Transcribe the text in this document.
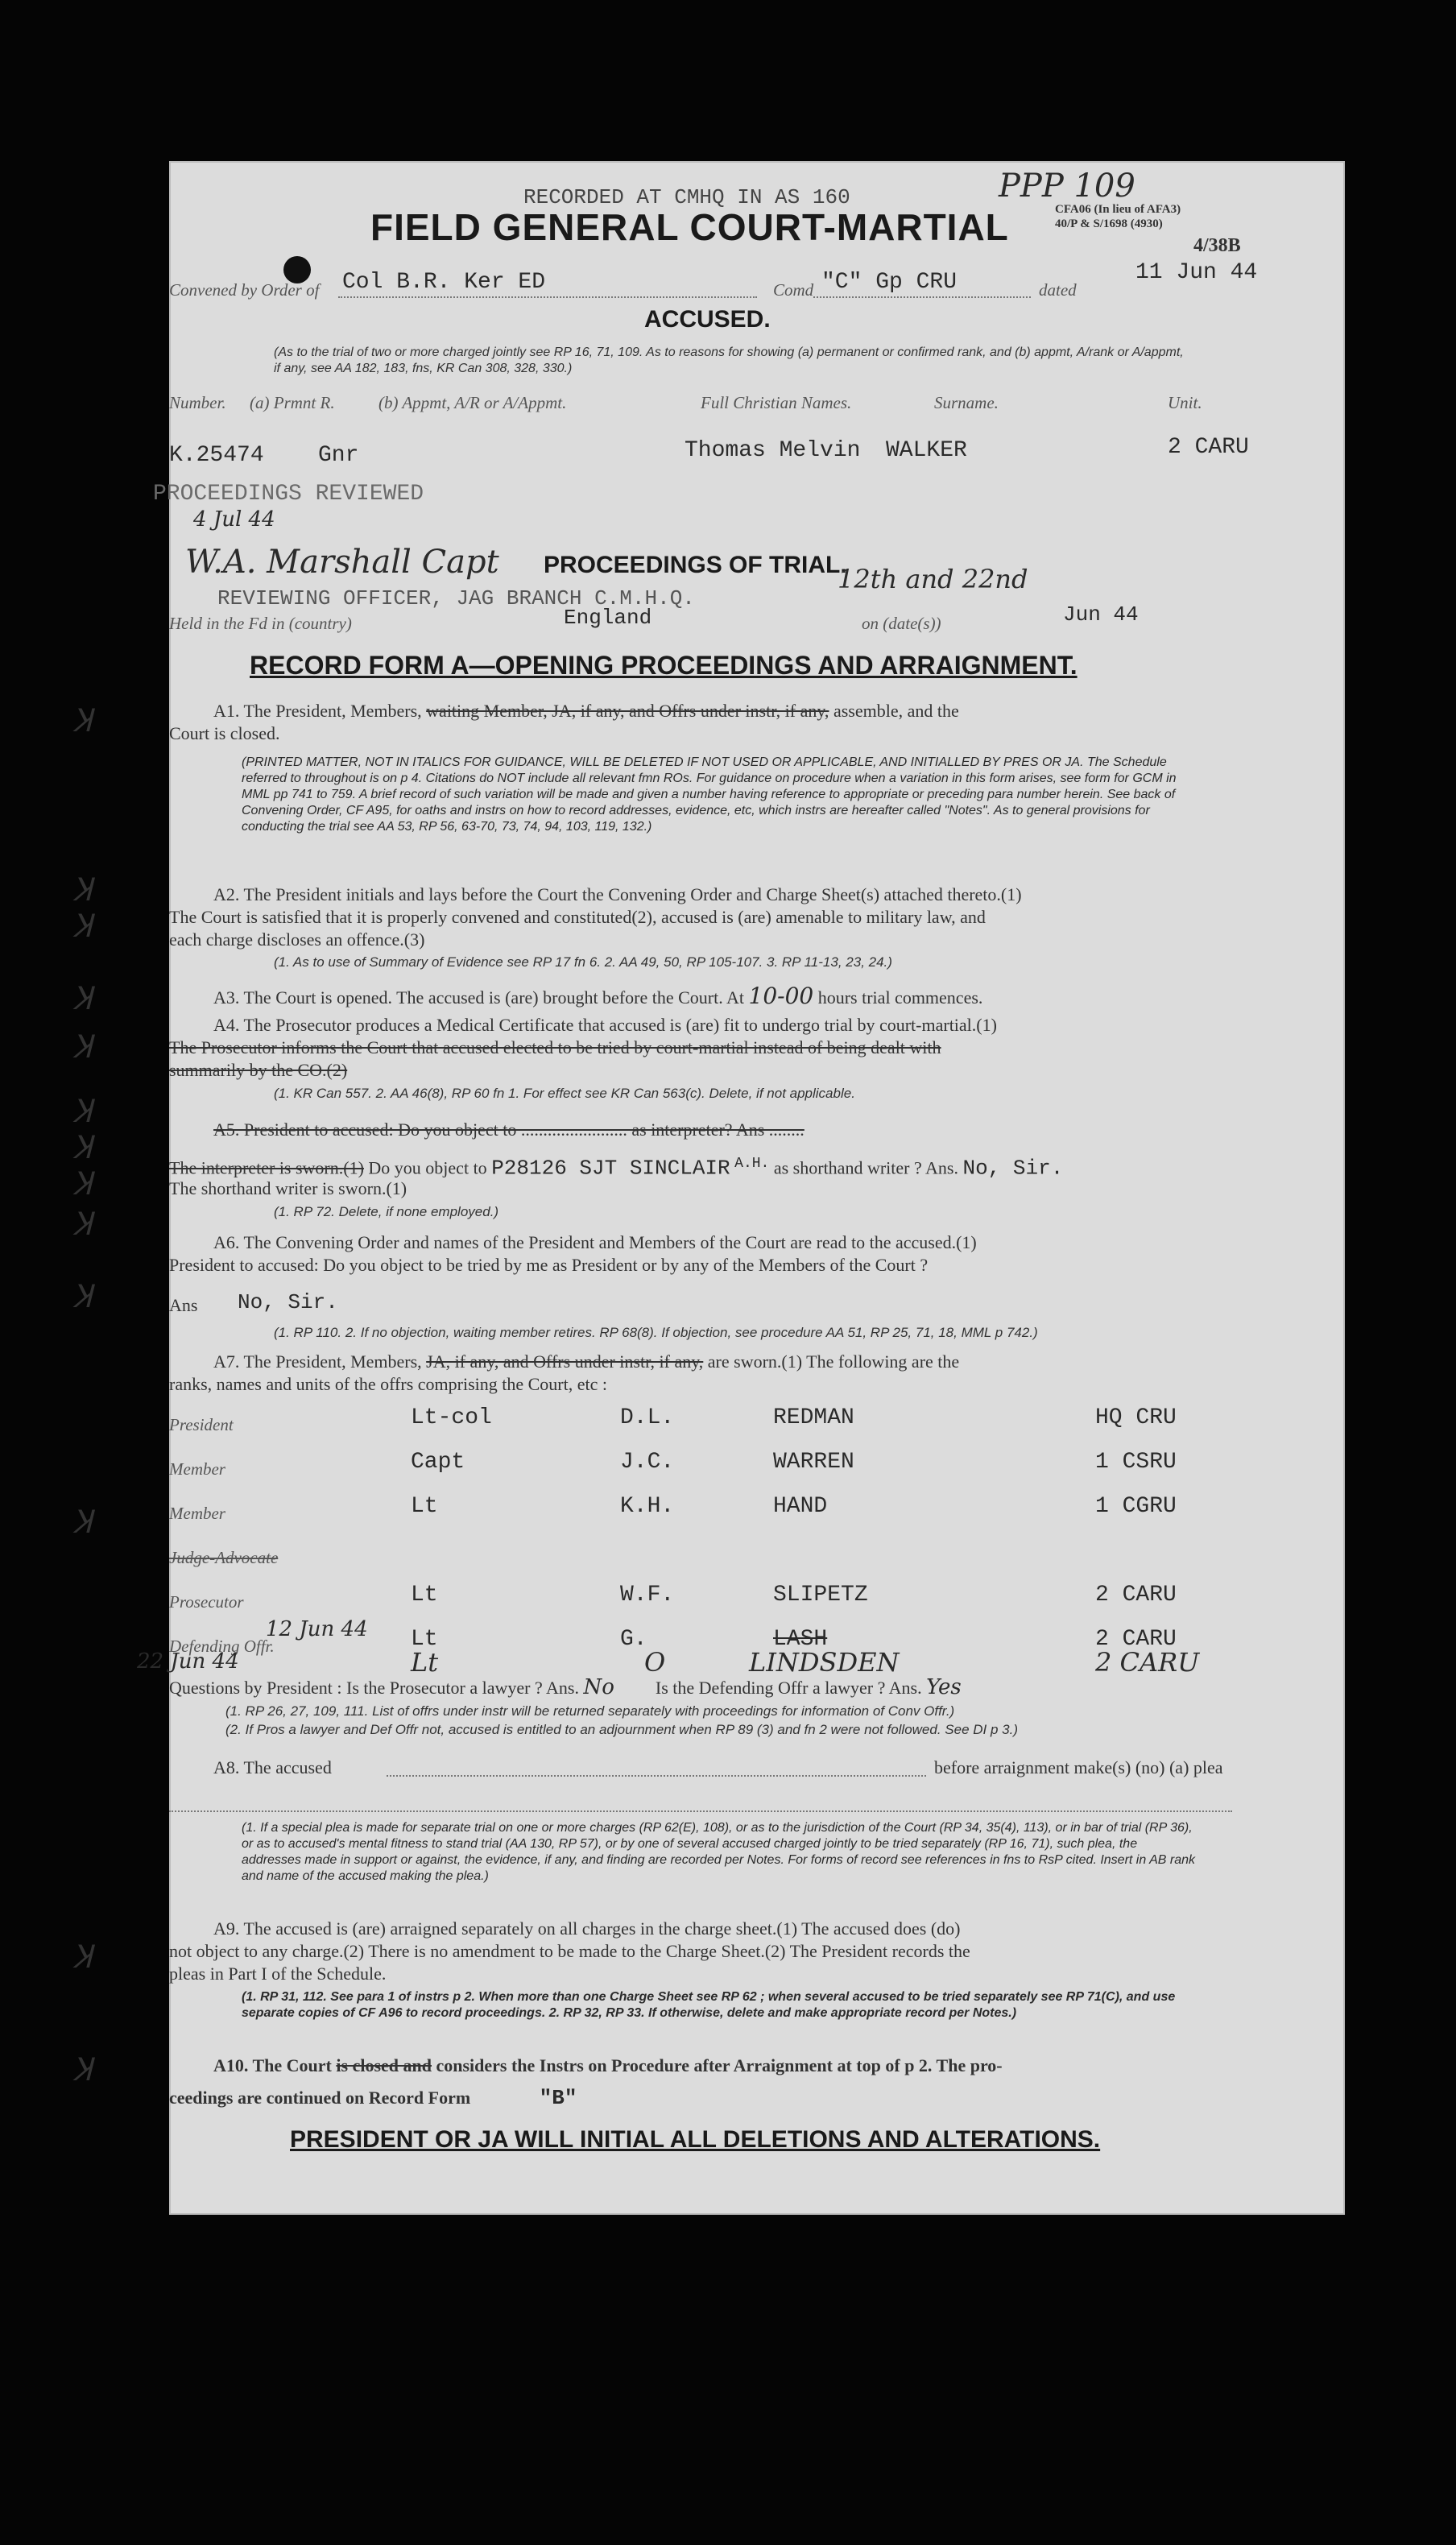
RECORDED AT CMHQ IN AS 160	PPP 109
FIELD GENERAL COURT-MARTIAL	CFA06 (In lieu of AFA3)
40/P & S/1698 (4930)
4/38B
Convened by Order of Col B.R. Ker ED	Comd "C" Gp CRU	dated
11 Jun 44
ACCUSED.
(As to the trial of two or more charged jointly see RP 16, 71, 109. As to reasons for showing (a) permanent or confirmed rank, and (b) appmt, A/rank or A/appmt, if any, see AA 182, 183, fns, KR Can 308, 328, 330.)
Number. (a) Prmnt R.	(b) Appmt, A/R or A/Appmt.	Full Christian Names.	Surname.	Unit.
K.25474 Gnr	Thomas Melvin WALKER	2 CARU
PROCEEDINGS REVIEWED
4 Jul 44
W.A. Marshall Capt
REVIEWING OFFICER, JAG BRANCH C.M.H.Q.
PROCEEDINGS OF TRIAL.
Held in the Fd in (country)	England	on (date(s))
12th and 22nd
Jun 44
RECORD FORM A—OPENING PROCEEDINGS AND ARRAIGNMENT.
Ʞ
Ʞ
Ʞ
Ʞ
Ʞ
Ʞ
Ʞ
Ʞ
Ʞ
Ʞ
Ʞ
Ʞ
Ʞ
A1. The President, Members, waiting Member, JA, if any, and Offrs under instr, if any, assemble, and the
Court is closed.
(PRINTED MATTER, NOT IN ITALICS FOR GUIDANCE, WILL BE DELETED IF NOT USED OR APPLICABLE, AND INITIALLED BY PRES OR JA. The Schedule referred to throughout is on p 4. Citations do NOT include all relevant fmn ROs. For guidance on procedure when a variation in this form arises, see form for GCM in MML pp 741 to 759. A brief record of such variation will be made and given a number having reference to appropriate or preceding para number herein. See back of Convening Order, CF A95, for oaths and instrs on how to record addresses, evidence, etc, which instrs are hereafter called "Notes". As to general provisions for conducting the trial see AA 53, RP 56, 63-70, 73, 74, 94, 103, 119, 132.)
A2. The President initials and lays before the Court the Convening Order and Charge Sheet(s) attached thereto.(1)
The Court is satisfied that it is properly convened and constituted(2), accused is (are) amenable to military law, and
each charge discloses an offence.(3)
(1. As to use of Summary of Evidence see RP 17 fn 6. 2. AA 49, 50, RP 105-107. 3. RP 11-13, 23, 24.)
A3. The Court is opened. The accused is (are) brought before the Court. At 10-00 hours trial commences.
A4. The Prosecutor produces a Medical Certificate that accused is (are) fit to undergo trial by court-martial.(1)
The Prosecutor informs the Court that accused elected to be tried by court-martial instead of being dealt with
summarily by the CO.(2)
(1. KR Can 557. 2. AA 46(8), RP 60 fn 1. For effect see KR Can 563(c). Delete, if not applicable.
A5. President to accused: Do you object to ........................ as interpreter? Ans ........
The interpreter is sworn.(1) Do you object to P28126 SJT SINCLAIR $^{A.H.}$ as shorthand writer ? Ans. No, Sir.
The shorthand writer is sworn.(1)
(1. RP 72. Delete, if none employed.)
A6. The Convening Order and names of the President and Members of the Court are read to the accused.(1)
President to accused: Do you object to be tried by me as President or by any of the Members of the Court ?
Ans No, Sir.
(1. RP 110. 2. If no objection, waiting member retires. RP 68(8). If objection, see procedure AA 51, RP 25, 71, 18, MML p 742.)
A7. The President, Members, JA, if any, and Offrs under instr, if any, are sworn.(1) The following are the
ranks, names and units of the offrs comprising the Court, etc :
President	Lt-col	D.L.	REDMAN	HQ CRU
Member	Capt	J.C.	WARREN	1 CSRU
Member	Lt	K.H.	HAND	1 CGRU
Judge-Advocate
Prosecutor	Lt	W.F.	SLIPETZ	2 CARU
Defending Offr.	Lt	G.	LASH	2 CARU
12 Jun 44
22 Jun 44	Lt	O	LINDSDEN	2 CARU
Questions by President : Is the Prosecutor a lawyer ? Ans. No Is the Defending Offr a lawyer ? Ans. Yes
(1. RP 26, 27, 109, 111. List of offrs under instr will be returned separately with proceedings for information of Conv Offr.)
(2. If Pros a lawyer and Def Offr not, accused is entitled to an adjournment when RP 89 (3) and fn 2 were not followed. See DI p 3.)
A8. The accused	before arraignment make(s) (no) (a) plea
(1. If a special plea is made for separate trial on one or more charges (RP 62(E), 108), or as to the jurisdiction of the Court (RP 34, 35(4), 113), or in bar of trial (RP 36), or as to accused's mental fitness to stand trial (AA 130, RP 57), or by one of several accused charged jointly to be tried separately (RP 16, 71), such plea, the addresses made in support or against, the evidence, if any, and finding are recorded per Notes. For forms of record see references in fns to RsP cited. Insert in AB rank and name of the accused making the plea.)
A9. The accused is (are) arraigned separately on all charges in the charge sheet.(1) The accused does (do)
not object to any charge.(2) There is no amendment to be made to the Charge Sheet.(2) The President records the
pleas in Part I of the Schedule.
(1. RP 31, 112. See para 1 of instrs p 2. When more than one Charge Sheet see RP 62 ; when several accused to be tried separately see RP 71(C), and use separate copies of CF A96 to record proceedings. 2. RP 32, RP 33. If otherwise, delete and make appropriate record per Notes.)
A10. The Court is closed and considers the Instrs on Procedure after Arraignment at top of p 2. The pro-
ceedings are continued on Record Form	"B"
PRESIDENT OR JA WILL INITIAL ALL DELETIONS AND ALTERATIONS.
